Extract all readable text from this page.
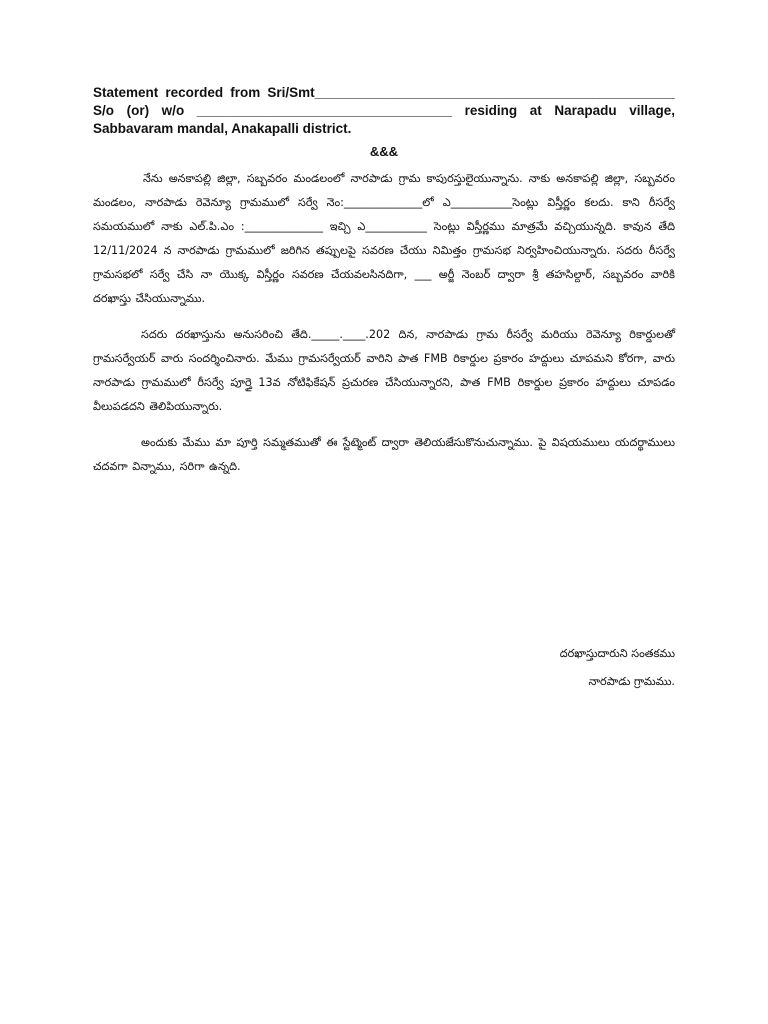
Statement recorded from Sri/Smt________________________________________________

S/o (or) w/o __________________________________ residing at Narapadu village,

Sabbavaram mandal, Anakapalli district.

&&&

నేను అనకాపల్లి జిల్లా, సబ్బవరం మండలంలో నారపాడు గ్రామ కాపురస్తులైయున్నాను. నాకు అనకాపల్లి జిల్లా, సబ్బవరం మండలం, నారపాడు రెవెన్యూ గ్రామములో సర్వే నెం:______________లో ఎ___________సెంట్లు విస్తీర్ణం కలదు. కాని రీసర్వే సమయములో నాకు ఎల్.పి.ఎం :______________ ఇచ్చి ఎ___________ సెంట్లు విస్తీర్ణము మాత్రమే వచ్చియున్నది. కావున తేది 12/11/2024 న నారపాడు గ్రామములో జరిగిన తప్పులపై సవరణ చేయు నిమిత్తం గ్రామసభ నిర్వహించియున్నారు. సదరు రీసర్వే గ్రామసభలో సర్వే చేసి నా యొక్క విస్తీర్ణం సవరణ చేయవలసినదిగా, ___ అర్జీ నెంబర్ ద్వారా శ్రీ తహసిల్దార్, సబ్బవరం వారికి దరఖాస్తు చేసియున్నాము.

సదరు దరఖాస్తును అనుసరించి తేది._____.____.202 దిన, నారపాడు గ్రామ రీసర్వే మరియు రెవెన్యూ రికార్డులతో గ్రామసర్వేయర్ వారు సందర్శించినారు. మేము గ్రామసర్వేయర్ వారిని పాత FMB రికార్డుల ప్రకారం హద్దులు చూపమని కోరగా, వారు నారపాడు గ్రామములో రీసర్వే పూర్తై 13వ నోటిఫికేషన్ ప్రచురణ చేసియున్నారని, పాత FMB రికార్డుల ప్రకారం హద్దులు చూపడం వీలుపడదని తెలిపియున్నారు.

అందుకు మేము మా పూర్తి సమ్మతముతో ఈ స్టేట్మెంట్ ద్వారా తెలియజేసుకొనుచున్నాము. పై విషయములు యదర్థాములు చదవగా విన్నాము, సరిగా ఉన్నది.

దరఖాస్తుదారుని సంతకము
నారపాడు గ్రామము.
